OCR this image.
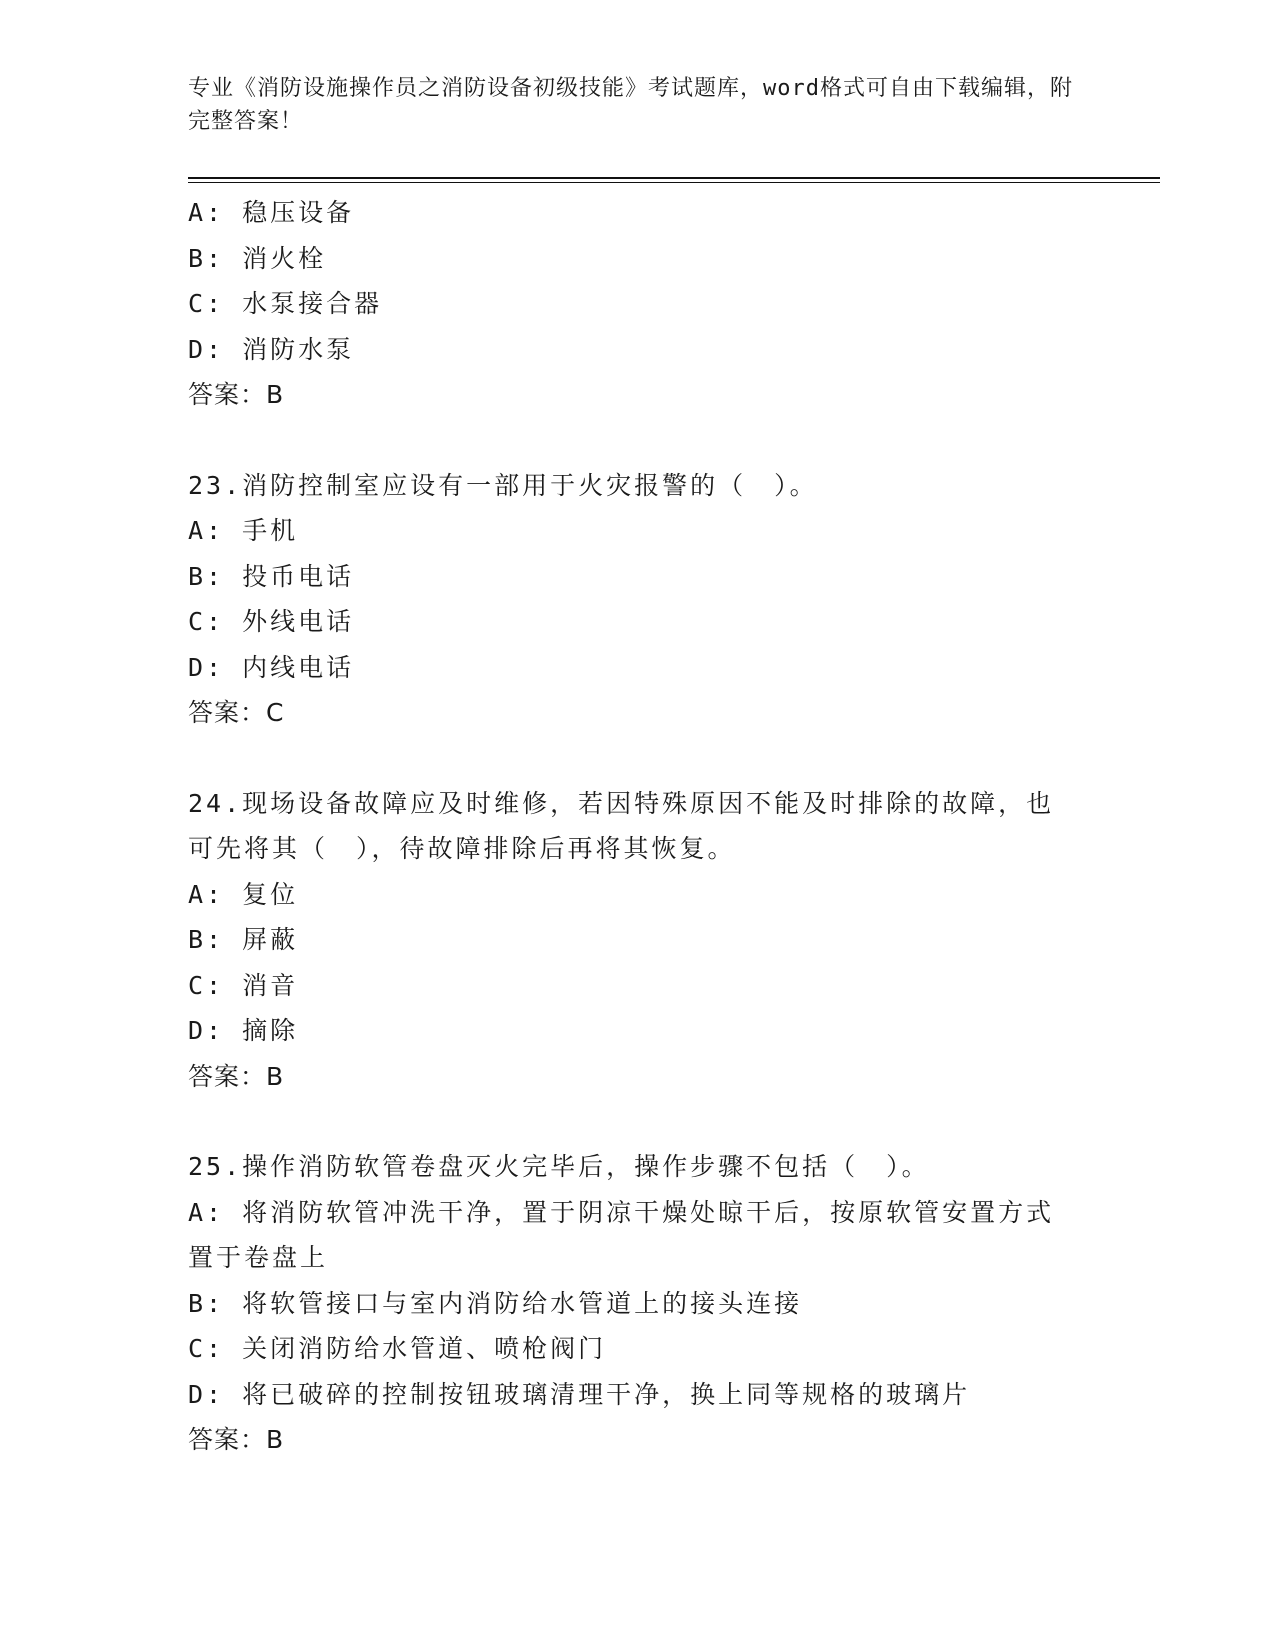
专业《消防设施操作员之消防设备初级技能》考试题库，word格式可自由下载编辑，附完整答案！
A: 稳压设备
B: 消火栓
C: 水泵接合器
D: 消防水泵
答案：B
23.消防控制室应设有一部用于火灾报警的（　）。
A: 手机
B: 投币电话
C: 外线电话
D: 内线电话
答案：C
24.现场设备故障应及时维修，若因特殊原因不能及时排除的故障，也
可先将其（　），待故障排除后再将其恢复。
A: 复位
B: 屏蔽
C: 消音
D: 摘除
答案：B
25.操作消防软管卷盘灭火完毕后，操作步骤不包括（　）。
A: 将消防软管冲洗干净，置于阴凉干燥处晾干后，按原软管安置方式
置于卷盘上
B: 将软管接口与室内消防给水管道上的接头连接
C: 关闭消防给水管道、喷枪阀门
D: 将已破碎的控制按钮玻璃清理干净，换上同等规格的玻璃片
答案：B
